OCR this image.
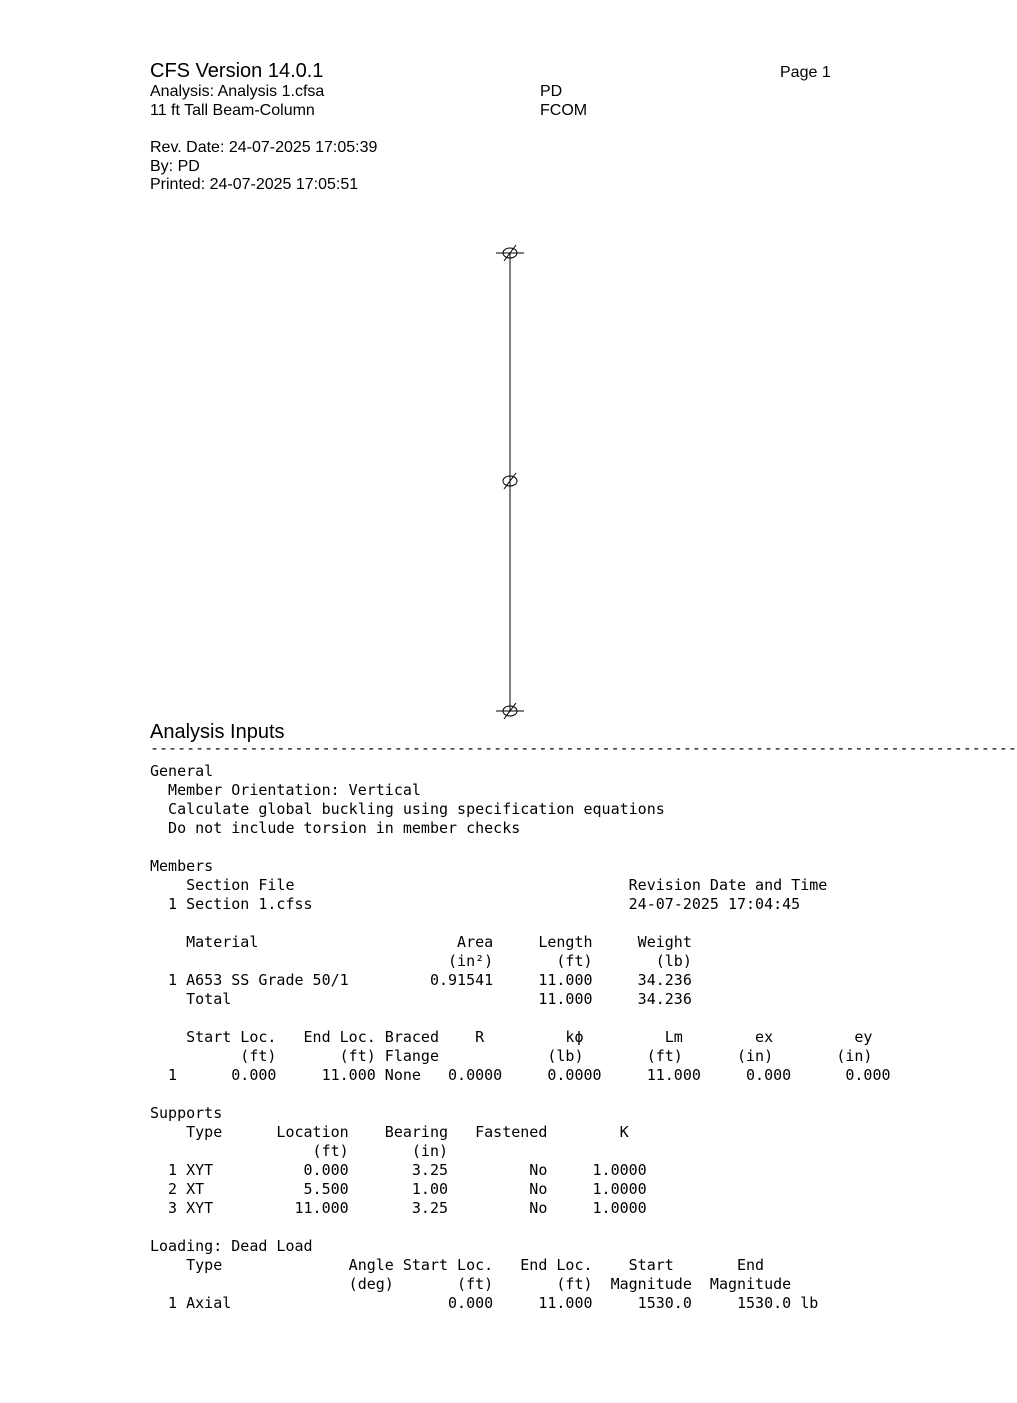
CFS Version 14.0.1	Page 1
Analysis: Analysis 1.cfsa	PD
11 ft Tall Beam-Column	FCOM
Rev. Date: 24-07-2025 17:05:39
By: PD
Printed: 24-07-2025 17:05:51
Analysis Inputs
------------------------------------------------------------------------------------------------
General
Member Orientation: Vertical
Calculate global buckling using specification equations
Do not include torsion in member checks
Members
Section File                                     Revision Date and Time
1 Section 1.cfss                                   24-07-2025 17:04:45
Material                      Area     Length     Weight
(in²)       (ft)       (lb)
1 A653 SS Grade 50/1         0.91541     11.000     34.236
Total                                  11.000     34.236
Start Loc.   End Loc. Braced    R         kϕ         Lm        ex         ey
(ft)       (ft) Flange            (lb)       (ft)      (in)       (in)
1      0.000     11.000 None   0.0000     0.0000     11.000     0.000      0.000
Supports
Type      Location    Bearing   Fastened        K
(ft)       (in)
1 XYT          0.000       3.25         No     1.0000
2 XT           5.500       1.00         No     1.0000
3 XYT         11.000       3.25         No     1.0000
Loading: Dead Load
Type              Angle Start Loc.   End Loc.    Start       End
(deg)       (ft)       (ft)  Magnitude  Magnitude
1 Axial                        0.000     11.000     1530.0     1530.0 lb
